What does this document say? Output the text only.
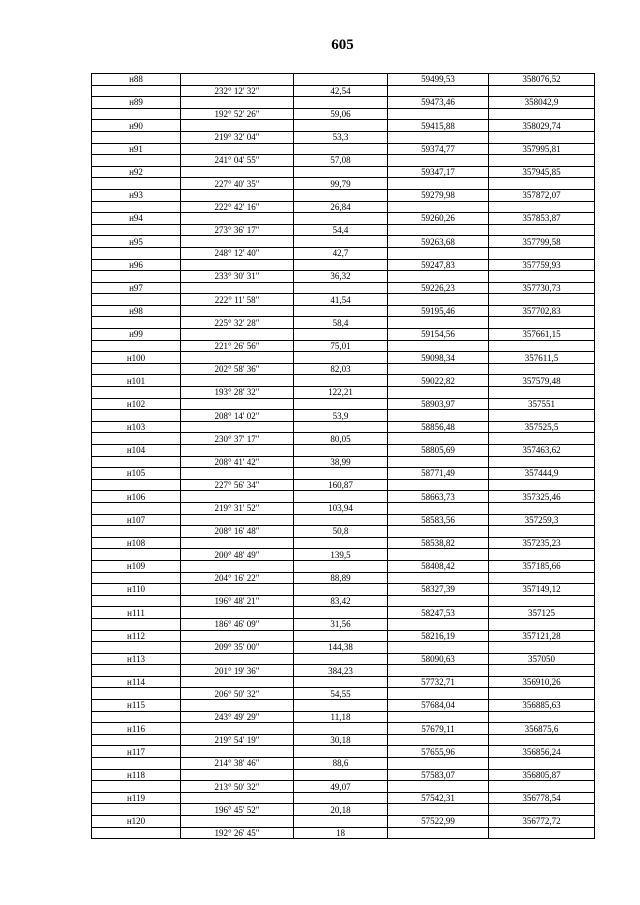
605
н88			59499,53	358076,52
	232° 12' 32"	42,54		
н89			59473,46	358042,9
	192° 52' 26"	59,06		
н90			59415,88	358029,74
	219° 32' 04"	53,3		
н91			59374,77	357995,81
	241° 04' 55"	57,08		
н92			59347,17	357945,85
	227° 40' 35"	99,79		
н93			59279,98	357872,07
	222° 42' 16"	26,84		
н94			59260,26	357853,87
	273° 36' 17"	54,4		
н95			59263,68	357799,58
	248° 12' 40"	42,7		
н96			59247,83	357759,93
	233° 30' 31"	36,32		
н97			59226,23	357730,73
	222° 11' 58"	41,54		
н98			59195,46	357702,83
	225° 32' 28"	58,4		
н99			59154,56	357661,15
	221° 26' 56"	75,01		
н100			59098,34	357611,5
	202° 58' 36"	82,03		
н101			59022,82	357579,48
	193° 28' 32"	122,21		
н102			58903,97	357551
	208° 14' 02"	53,9		
н103			58856,48	357525,5
	230° 37' 17"	80,05		
н104			58805,69	357463,62
	208° 41' 42"	38,99		
н105			58771,49	357444,9
	227° 56' 34"	160,87		
н106			58663,73	357325,46
	219° 31' 52"	103,94		
н107			58583,56	357259,3
	208° 16' 48"	50,8		
н108			58538,82	357235,23
	200° 48' 49"	139,5		
н109			58408,42	357185,66
	204° 16' 22"	88,89		
н110			58327,39	357149,12
	196° 48' 21"	83,42		
н111			58247,53	357125
	186° 46' 09"	31,56		
н112			58216,19	357121,28
	209° 35' 00"	144,38		
н113			58090,63	357050
	201° 19' 36"	384,23		
н114			57732,71	356910,26
	206° 50' 32"	54,55		
н115			57684,04	356885,63
	243° 49' 29"	11,18		
н116			57679,11	356875,6
	219° 54' 19"	30,18		
н117			57655,96	356856,24
	214° 38' 46"	88,6		
н118			57583,07	356805,87
	213° 50' 32"	49,07		
н119			57542,31	356778,54
	196° 45' 52"	20,18		
н120			57522,99	356772,72
	192° 26' 45"	18		
